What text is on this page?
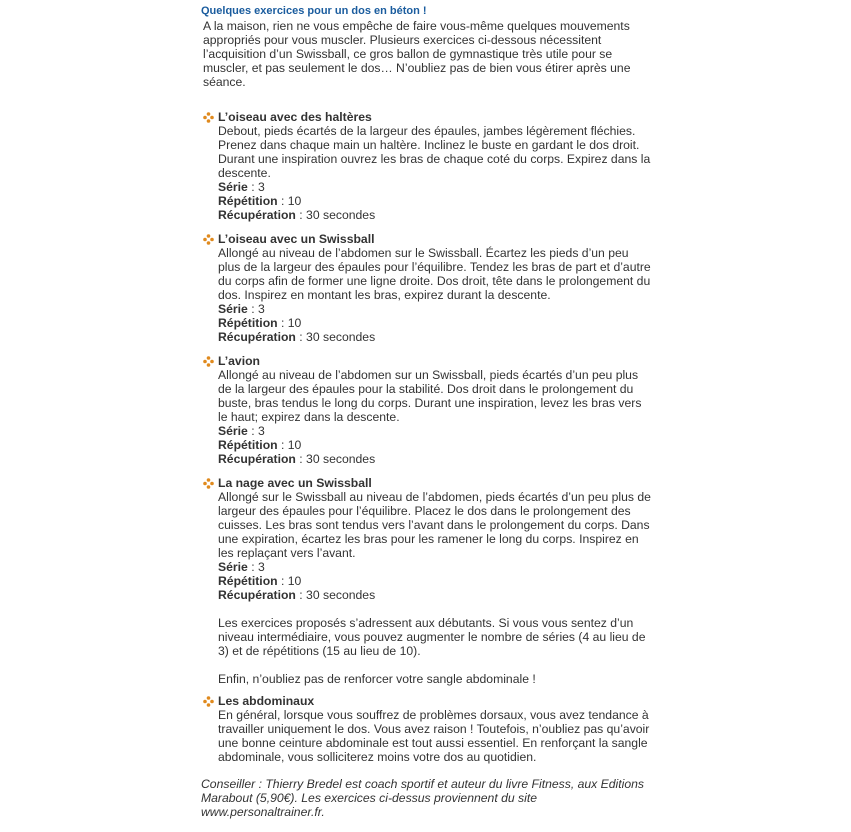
Quelques exercices pour un dos en béton !
A la maison, rien ne vous empêche de faire vous-même quelques mouvements appropriés pour vous muscler. Plusieurs exercices ci-dessous nécessitent l’acquisition d’un Swissball, ce gros ballon de gymnastique très utile pour se muscler, et pas seulement le dos… N’oubliez pas de bien vous étirer après une séance.
L’oiseau avec des haltères
Debout, pieds écartés de la largeur des épaules, jambes légèrement fléchies. Prenez dans chaque main un haltère. Inclinez le buste en gardant le dos droit. Durant une inspiration ouvrez les bras de chaque coté du corps. Expirez dans la descente.
Série : 3
Répétition : 10
Récupération : 30 secondes
L’oiseau avec un Swissball
Allongé au niveau de l’abdomen sur le Swissball. Écartez les pieds d’un peu plus de la largeur des épaules pour l’équilibre. Tendez les bras de part et d’autre du corps afin de former une ligne droite. Dos droit, tête dans le prolongement du dos. Inspirez en montant les bras, expirez durant la descente.
Série : 3
Répétition : 10
Récupération : 30 secondes
L’avion
Allongé au niveau de l’abdomen sur un Swissball, pieds écartés d’un peu plus de la largeur des épaules pour la stabilité. Dos droit dans le prolongement du buste, bras tendus le long du corps. Durant une inspiration, levez les bras vers le haut; expirez dans la descente.
Série : 3
Répétition : 10
Récupération : 30 secondes
La nage avec un Swissball
Allongé sur le Swissball au niveau de l’abdomen, pieds écartés d’un peu plus de largeur des épaules pour l’équilibre. Placez le dos dans le prolongement des cuisses. Les bras sont tendus vers l’avant dans le prolongement du corps. Dans une expiration, écartez les bras pour les ramener le long du corps. Inspirez en les replaçant vers l’avant.
Série : 3
Répétition : 10
Récupération : 30 secondes

Les exercices proposés s’adressent aux débutants. Si vous vous sentez d’un niveau intermédiaire, vous pouvez augmenter le nombre de séries (4 au lieu de 3) et de répétitions (15 au lieu de 10).

Enfin, n’oubliez pas de renforcer votre sangle abdominale !

Les abdominaux
En général, lorsque vous souffrez de problèmes dorsaux, vous avez tendance à travailler uniquement le dos. Vous avez raison ! Toutefois, n’oubliez pas qu’avoir une bonne ceinture abdominale est tout aussi essentiel. En renforçant la sangle abdominale, vous solliciterez moins votre dos au quotidien.
Conseiller : Thierry Bredel est coach sportif et auteur du livre Fitness, aux Editions Marabout (5,90€). Les exercices ci-dessus proviennent du site www.personaltrainer.fr.
